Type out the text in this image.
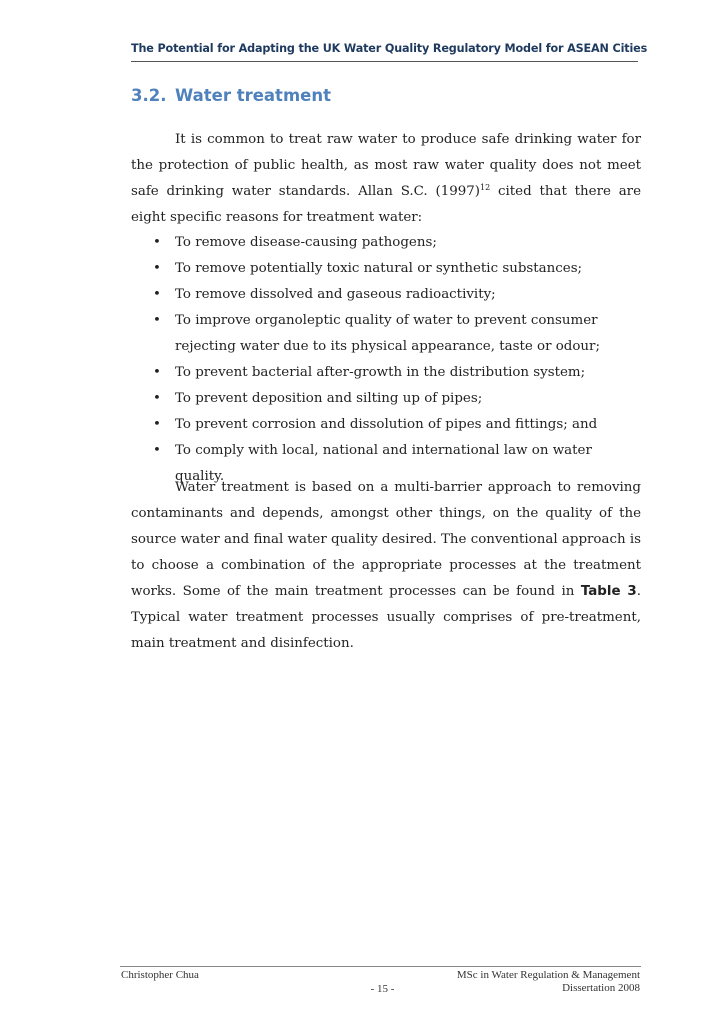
The Potential for Adapting the UK Water Quality Regulatory Model for ASEAN Cities
3.2. Water treatment

It is common to treat raw water to produce safe drinking water for the protection of public health, as most raw water quality does not meet safe drinking water standards. Allan S.C. $(1997)^{12}$ cited that there are eight specific reasons for treatment water:

• To remove disease-causing pathogens;
• To remove potentially toxic natural or synthetic substances;
• To remove dissolved and gaseous radioactivity;
• To improve organoleptic quality of water to prevent consumer rejecting water due to its physical appearance, taste or odour;
• To prevent bacterial after-growth in the distribution system;
• To prevent deposition and silting up of pipes;
• To prevent corrosion and dissolution of pipes and fittings; and
• To comply with local, national and international law on water quality.

Water treatment is based on a multi-barrier approach to removing contaminants and depends, amongst other things, on the quality of the source water and final water quality desired. The conventional approach is to choose a combination of the appropriate processes at the treatment works. Some of the main treatment processes can be found in Table 3. Typical water treatment processes usually comprises of pre-treatment, main treatment and disinfection.

Christopher Chua	MSc in Water Regulation & Management
Dissertation 2008
- 15 -
